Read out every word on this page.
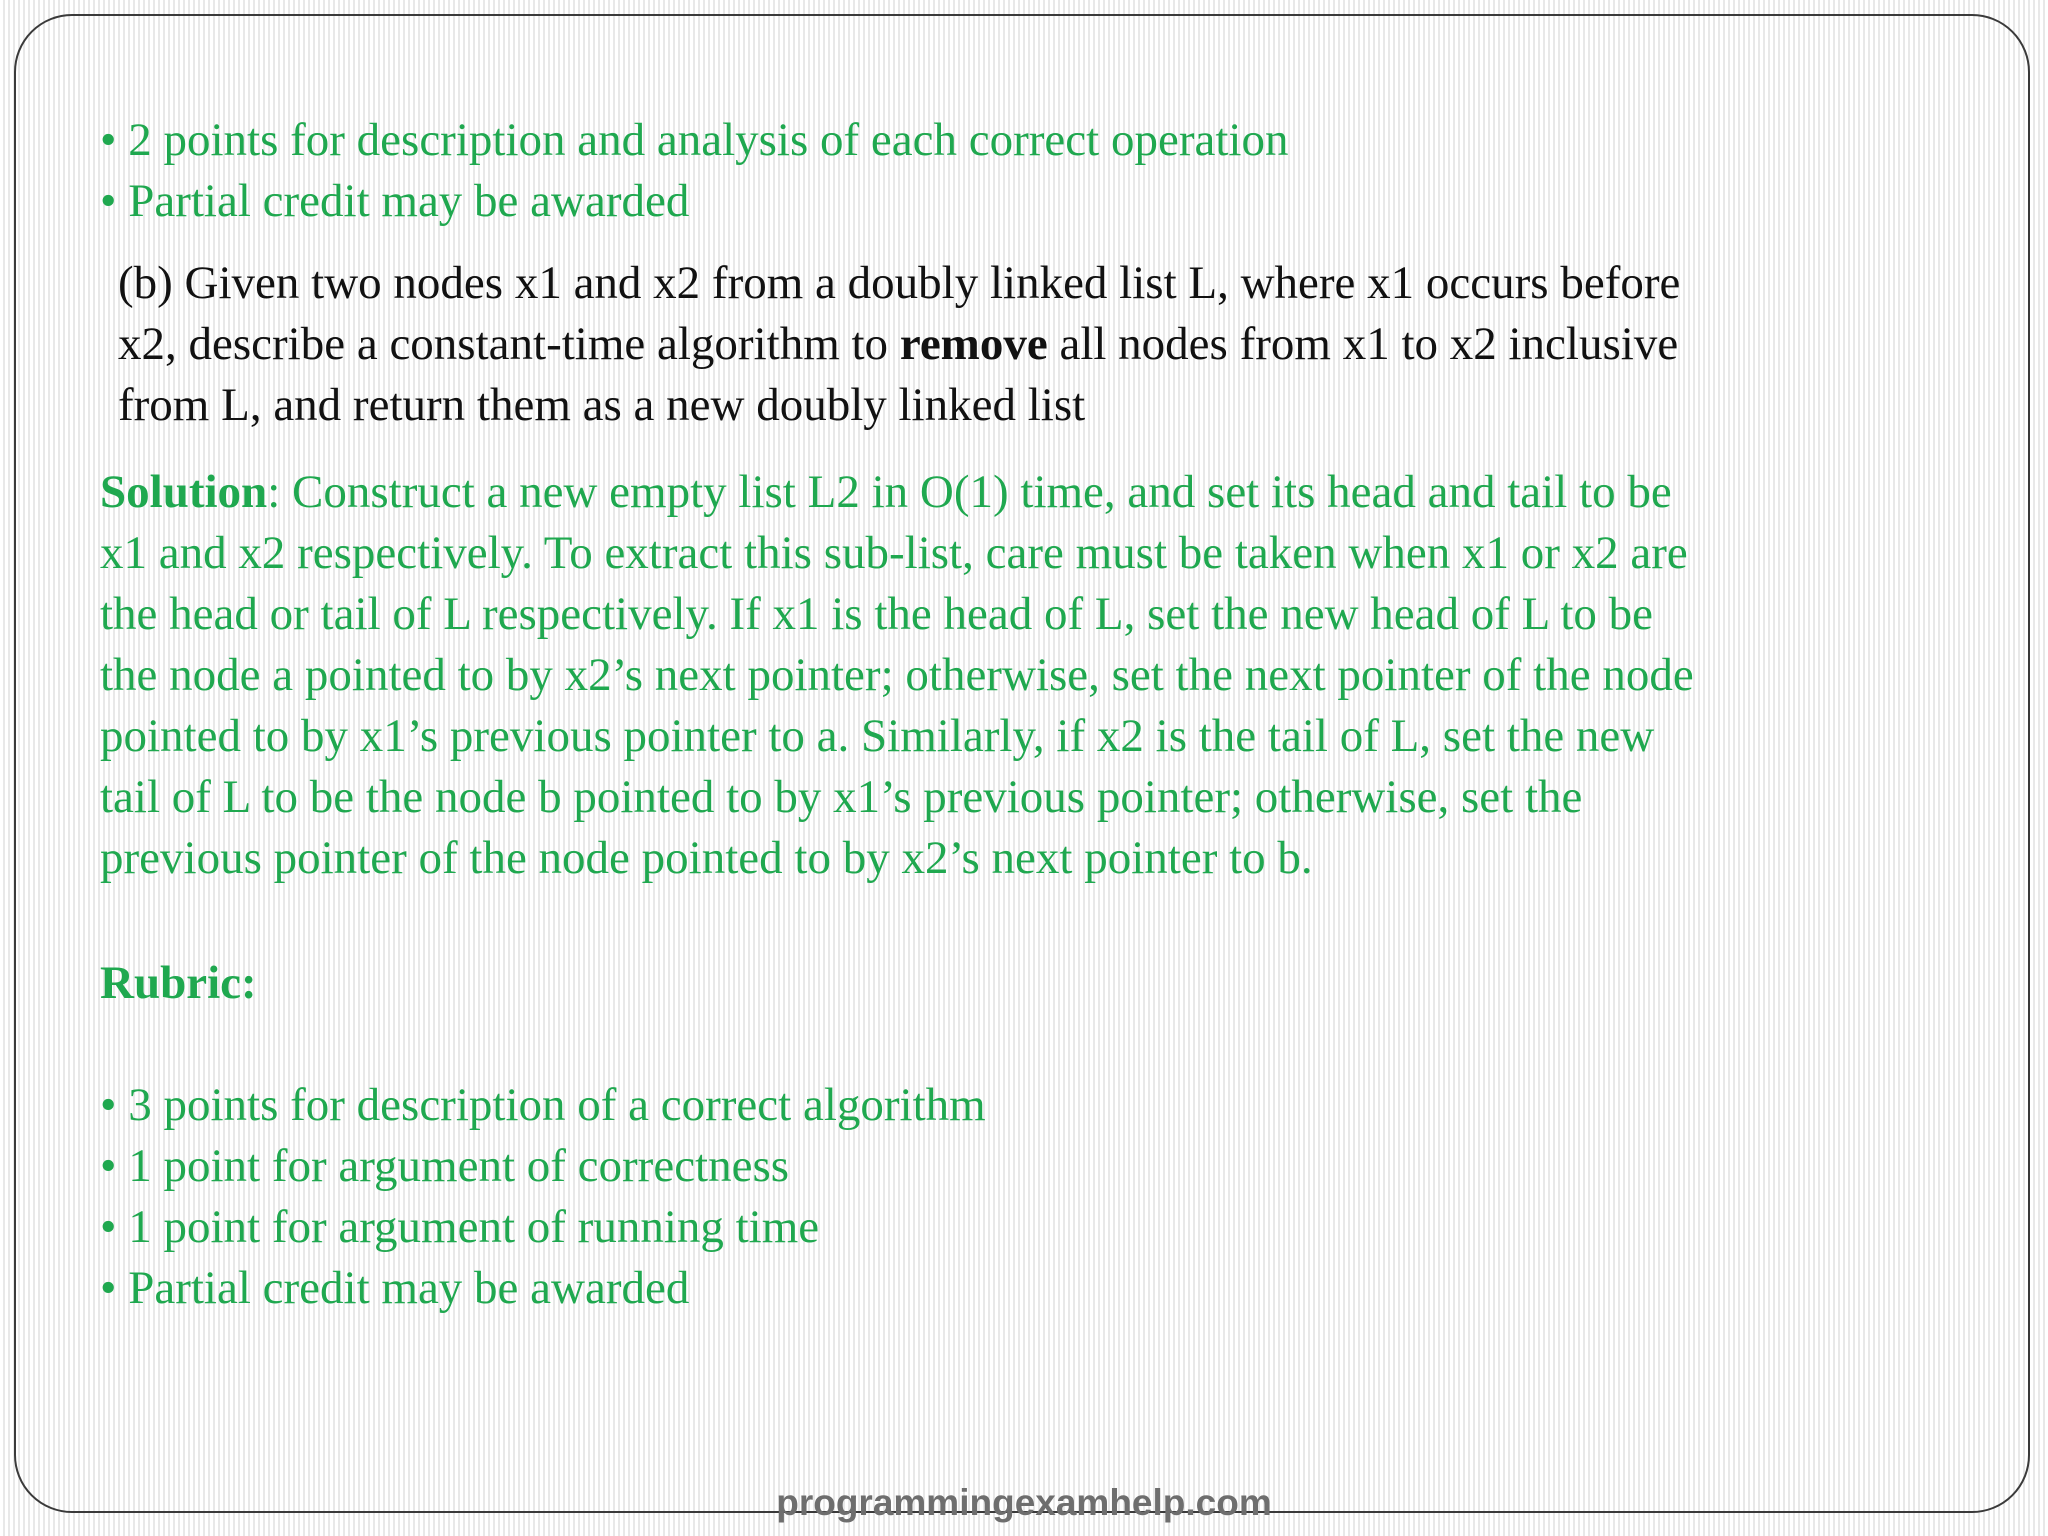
• 2 points for description and analysis of each correct operation
• Partial credit may be awarded
(b) Given two nodes x1 and x2 from a doubly linked list L, where x1 occurs before
x2, describe a constant-time algorithm to remove all nodes from x1 to x2 inclusive
from L, and return them as a new doubly linked list
Solution: Construct a new empty list L2 in O(1) time, and set its head and tail to be
x1 and x2 respectively. To extract this sub-list, care must be taken when x1 or x2 are
the head or tail of L respectively. If x1 is the head of L, set the new head of L to be
the node a pointed to by x2’s next pointer; otherwise, set the next pointer of the node
pointed to by x1’s previous pointer to a. Similarly, if x2 is the tail of L, set the new
tail of L to be the node b pointed to by x1’s previous pointer; otherwise, set the
previous pointer of the node pointed to by x2’s next pointer to b.
Rubric:
• 3 points for description of a correct algorithm
• 1 point for argument of correctness
• 1 point for argument of running time
• Partial credit may be awarded
programmingexamhelp.com
